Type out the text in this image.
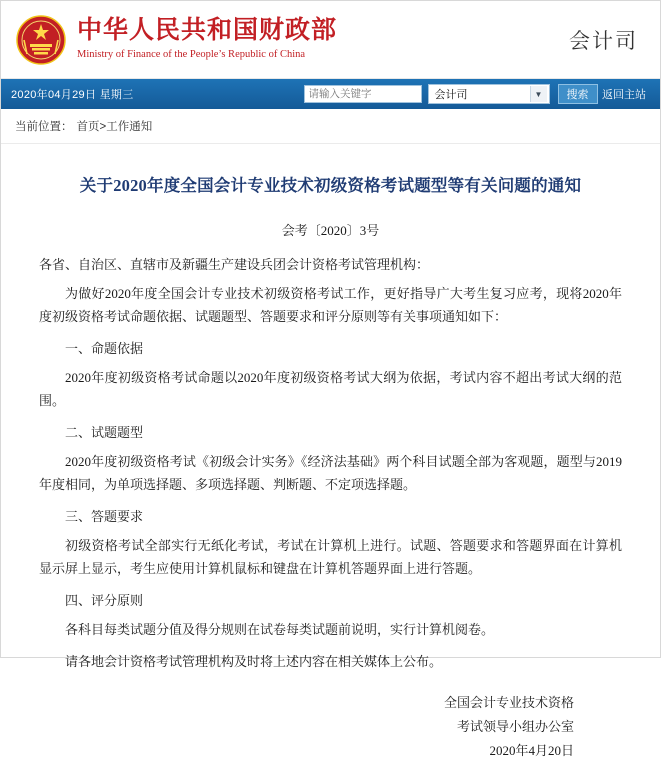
中华人民共和国财政部
Ministry of Finance of the People’s Republic of China
会计司
2020年04月29日 星期三
请输入关键字	会计司	▼	搜索	返回主站
当前位置： 首页>工作通知
关于2020年度全国会计专业技术初级资格考试题型等有关问题的通知
会考〔2020〕3号

各省、自治区、直辖市及新疆生产建设兵团会计资格考试管理机构：

为做好2020年度全国会计专业技术初级资格考试工作，更好指导广大考生复习应考，现将2020年度初级资格考试命题依据、试题题型、答题要求和评分原则等有关事项通知如下：

一、命题依据

2020年度初级资格考试命题以2020年度初级资格考试大纲为依据，考试内容不超出考试大纲的范围。

二、试题题型

2020年度初级资格考试《初级会计实务》《经济法基础》两个科目试题全部为客观题，题型与2019年度相同，为单项选择题、多项选择题、判断题、不定项选择题。

三、答题要求

初级资格考试全部实行无纸化考试，考试在计算机上进行。试题、答题要求和答题界面在计算机显示屏上显示，考生应使用计算机鼠标和键盘在计算机答题界面上进行答题。

四、评分原则

各科目每类试题分值及得分规则在试卷每类试题前说明，实行计算机阅卷。

请各地会计资格考试管理机构及时将上述内容在相关媒体上公布。

全国会计专业技术资格
考试领导小组办公室
2020年4月20日
